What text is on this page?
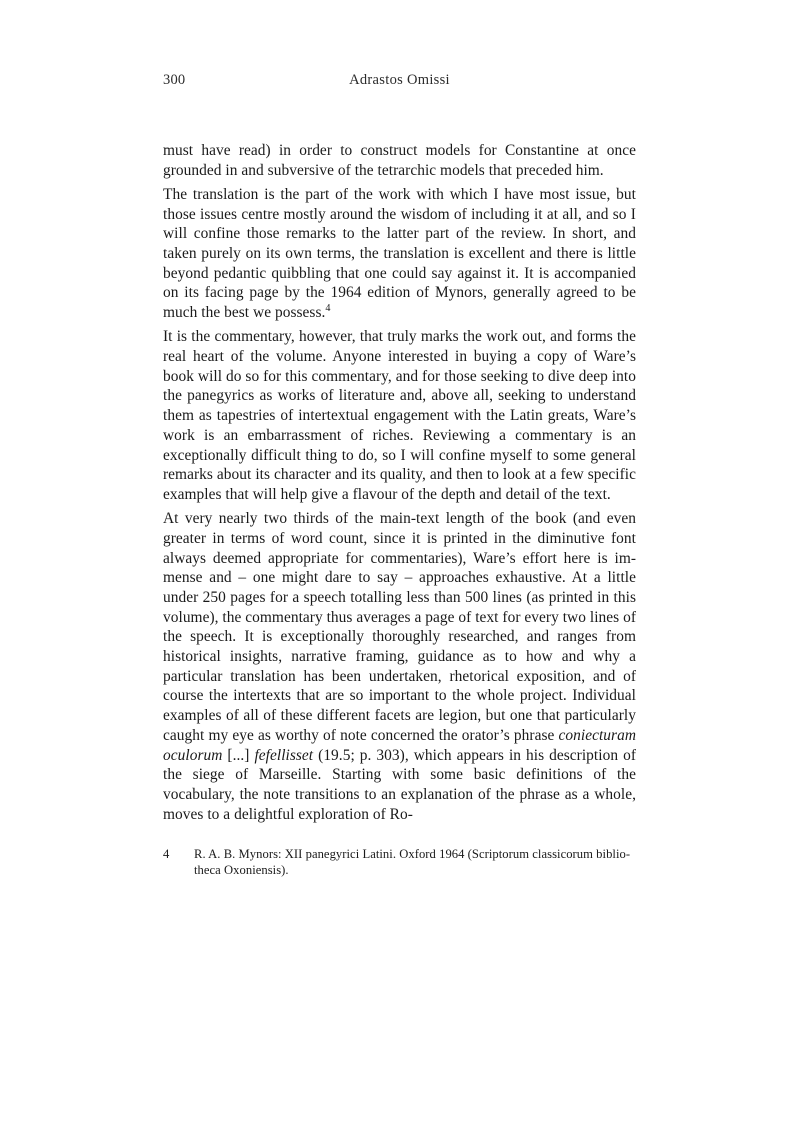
300	Adrastos Omissi

must have read) in order to construct models for Constantine at once grounded in and subversive of the tetrarchic models that preceded him.

The translation is the part of the work with which I have most issue, but those issues centre mostly around the wisdom of including it at all, and so I will confine those remarks to the latter part of the review. In short, and taken purely on its own terms, the translation is excellent and there is little beyond pedantic quibbling that one could say against it. It is accompanied on its facing page by the 1964 edition of Mynors, generally agreed to be much the best we possess.$^4$

It is the commentary, however, that truly marks the work out, and forms the real heart of the volume. Anyone interested in buying a copy of Ware’s book will do so for this commentary, and for those seeking to dive deep into the panegyrics as works of literature and, above all, seeking to understand them as tapestries of intertextual engagement with the Latin greats, Ware’s work is an embarrassment of riches. Reviewing a commentary is an exceptionally difficult thing to do, so I will confine myself to some general remarks about its character and its quality, and then to look at a few specific examples that will help give a flavour of the depth and detail of the text.

At very nearly two thirds of the main-text length of the book (and even greater in terms of word count, since it is printed in the diminutive font always deemed appropriate for commentaries), Ware’s effort here is immense and – one might dare to say – approaches exhaustive. At a little under 250 pages for a speech totalling less than 500 lines (as printed in this volume), the commentary thus averages a page of text for every two lines of the speech. It is exceptionally thoroughly researched, and ranges from historical insights, narrative framing, guidance as to how and why a particular translation has been undertaken, rhetorical exposition, and of course the intertexts that are so important to the whole project. Individual examples of all of these different facets are legion, but one that particularly caught my eye as worthy of note concerned the orator’s phrase coniecturam oculorum [...] fefellisset (19.5; p. 303), which appears in his description of the siege of Marseille. Starting with some basic definitions of the vocabulary, the note transitions to an explanation of the phrase as a whole, moves to a delightful exploration of Ro-

4	R. A. B. Mynors: XII panegyrici Latini. Oxford 1964 (Scriptorum classicorum bibliotheca Oxoniensis).
